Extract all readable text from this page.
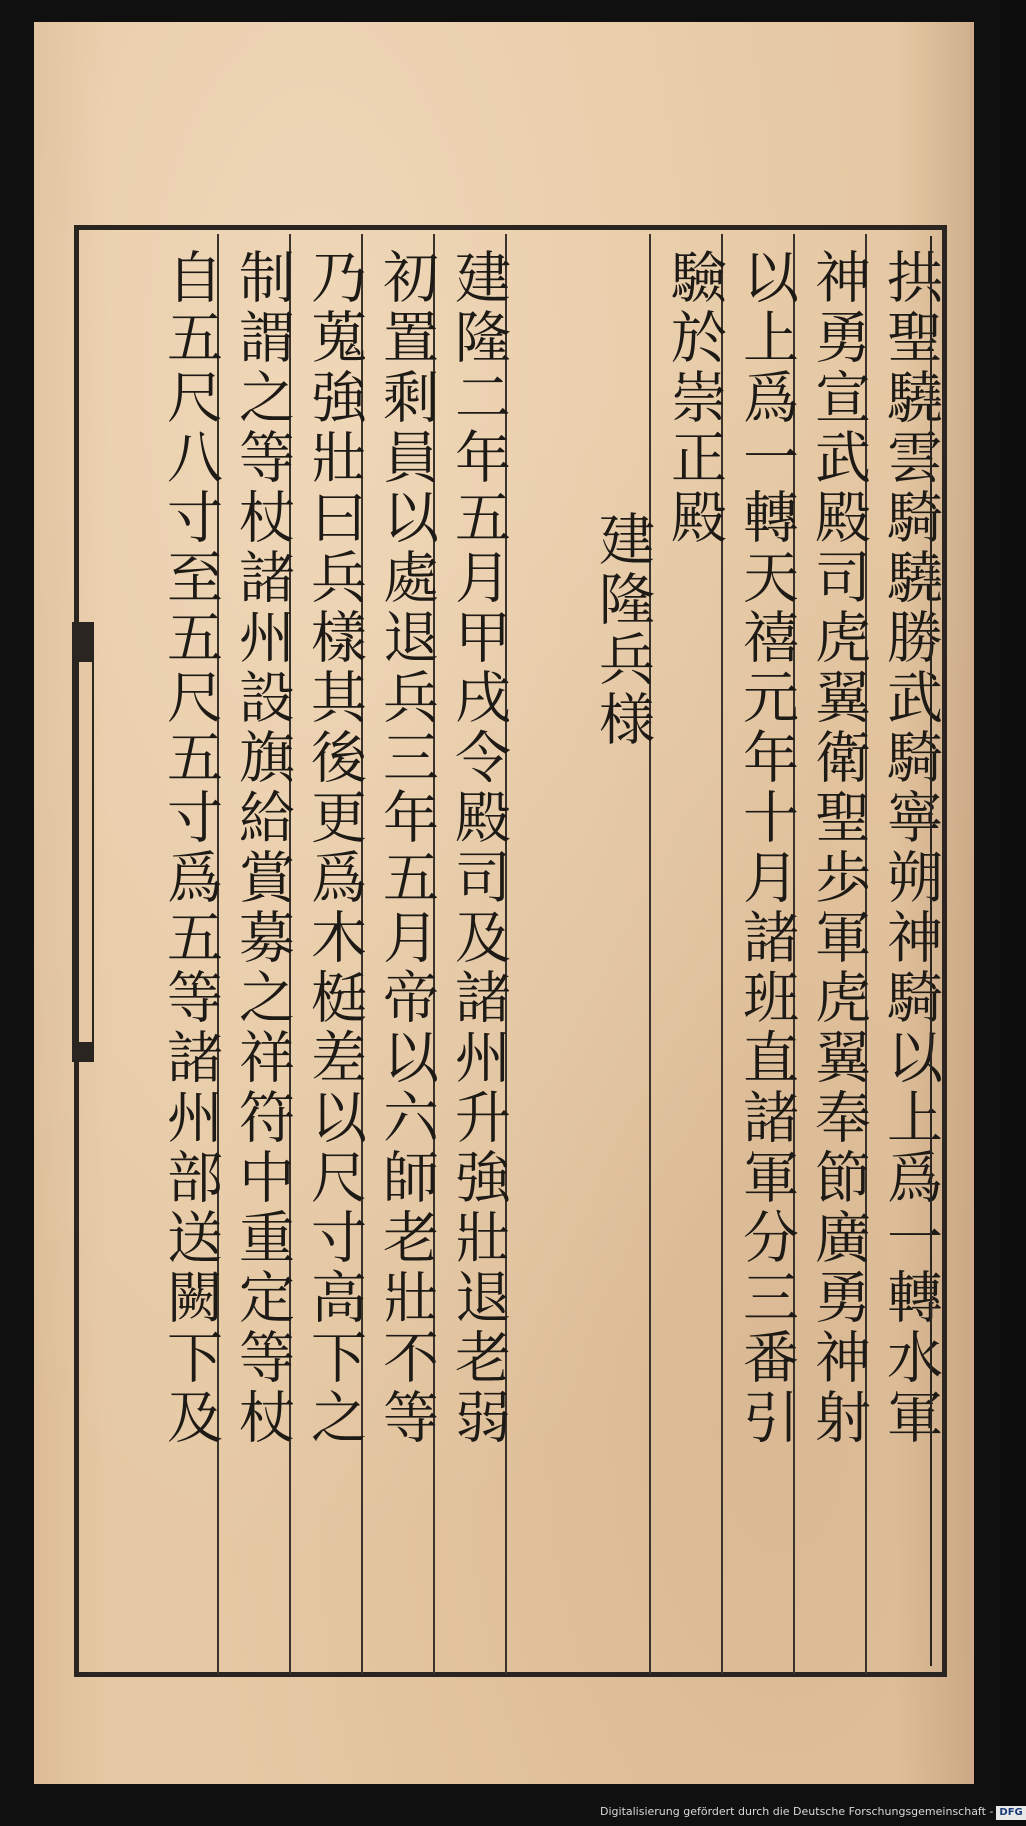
拱聖驍雲騎驍勝武騎寧朔神騎以上爲一轉水軍
神勇宣武殿司虎翼衛聖歩軍虎翼奉節廣勇神射
以上爲一轉天禧元年十月諸班直諸軍分三番引
驗於崇正殿
建隆兵様
建隆二年五月甲戌令殿司及諸州升強壯退老弱
初置剩員以處退兵三年五月帝以六師老壯不等
乃蒐強壯曰兵樣其後更爲木梃差以尺寸高下之
制謂之等杖諸州設旗給賞募之祥符中重定等杖
自五尺八寸至五尺五寸爲五等諸州部送闕下及
Digitalisierung gefördert durch die Deutsche Forschungsgemeinschaft - DFG
